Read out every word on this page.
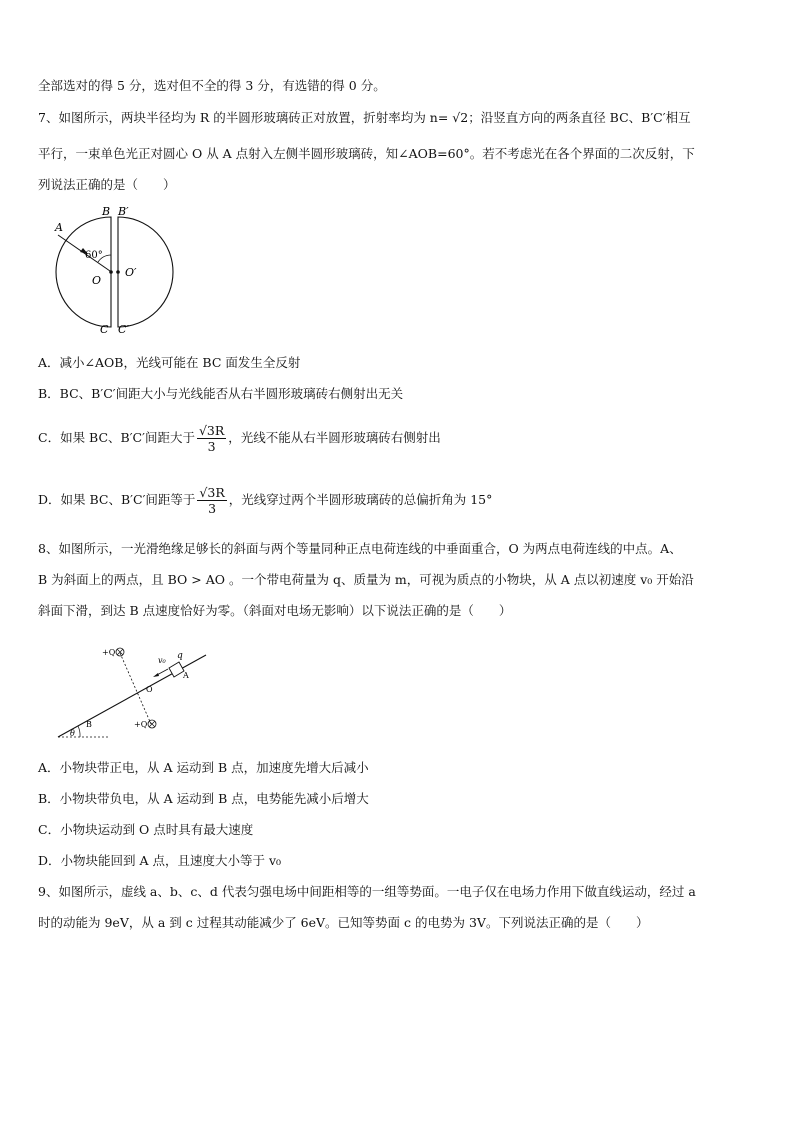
全部选对的得 5 分，选对但不全的得 3 分，有选错的得 0 分。
7、如图所示，两块半径均为 R 的半圆形玻璃砖正对放置，折射率均为 n= √2；沿竖直方向的两条直径 BC、B′C′相互
平行，一束单色光正对圆心 O 从 A 点射入左侧半圆形玻璃砖，知∠AOB=60°。若不考虑光在各个界面的二次反射，下
列说法正确的是（　　）
B B′
A
60°
O
O′
C C′
A．减小∠AOB，光线可能在 BC 面发生全反射
B．BC、B′C′间距大小与光线能否从右半圆形玻璃砖右侧射出无关
C．如果 BC、B′C′间距大于 $\frac{√3R}{3}$ ，光线不能从右半圆形玻璃砖右侧射出
D．如果 BC、B′C′间距等于 $\frac{√3R}{3}$ ，光线穿过两个半圆形玻璃砖的总偏折角为 15°
8、如图所示，一光滑绝缘足够长的斜面与两个等量同种正点电荷连线的中垂面重合，O 为两点电荷连线的中点。A、
B 为斜面上的两点，且 BO > AO 。一个带电荷量为 q、质量为 m，可视为质点的小物块，从 A 点以初速度 v₀ 开始沿
斜面下滑，到达 B 点速度恰好为零。（斜面对电场无影响）以下说法正确的是（　　）
+Q
+Q
q
v₀
A
O
B
θ
A．小物块带正电，从 A 运动到 B 点，加速度先增大后减小
B．小物块带负电，从 A 运动到 B 点，电势能先减小后增大
C．小物块运动到 O 点时具有最大速度
D．小物块能回到 A 点，且速度大小等于 v₀
9、如图所示，虚线 a、b、c、d 代表匀强电场中间距相等的一组等势面。一电子仅在电场力作用下做直线运动，经过 a
时的动能为 9eV，从 a 到 c 过程其动能减少了 6eV。已知等势面 c 的电势为 3V。下列说法正确的是（　　）
